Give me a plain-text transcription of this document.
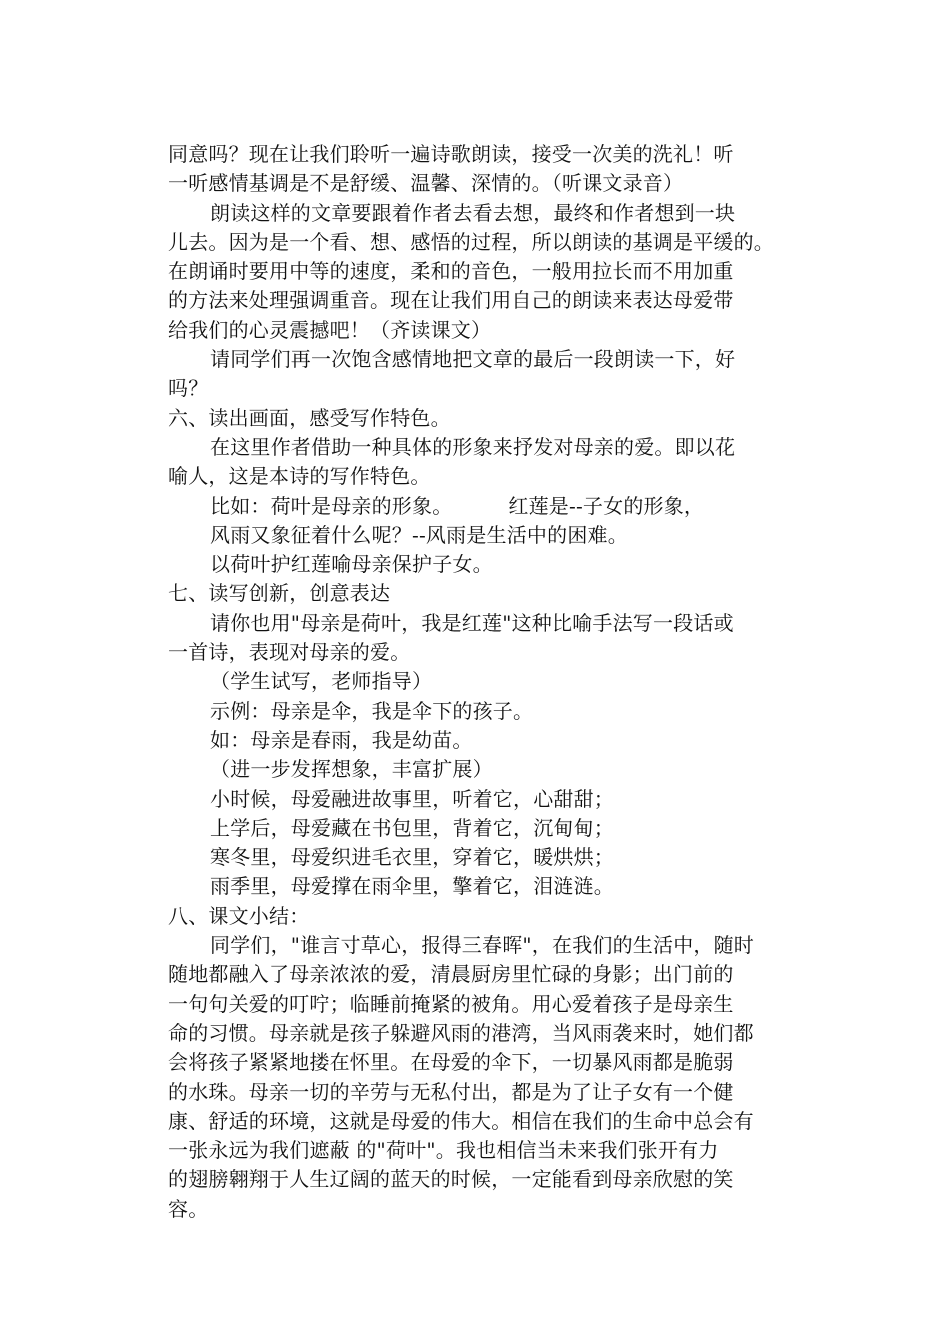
同意吗？现在让我们聆听一遍诗歌朗读，接受一次美的洗礼！听
一听感情基调是不是舒缓、温馨、深情的。（听课文录音）
朗读这样的文章要跟着作者去看去想，最终和作者想到一块
儿去。因为是一个看、想、感悟的过程，所以朗读的基调是平缓的。
在朗诵时要用中等的速度，柔和的音色，一般用拉长而不用加重
的方法来处理强调重音。现在让我们用自己的朗读来表达母爱带
给我们的心灵震撼吧！（齐读课文）
请同学们再一次饱含感情地把文章的最后一段朗读一下，好
吗？
六、读出画面，感受写作特色。
在这里作者借助一种具体的形象来抒发对母亲的爱。即以花
喻人，这是本诗的写作特色。
比如：荷叶是母亲的形象。	红莲是--子女的形象，
风雨又象征着什么呢？--风雨是生活中的困难。
以荷叶护红莲喻母亲保护子女。
七、读写创新，创意表达
请你也用"母亲是荷叶，我是红莲"这种比喻手法写一段话或
一首诗，表现对母亲的爱。
（学生试写，老师指导）
示例：母亲是伞，我是伞下的孩子。
如：母亲是春雨，我是幼苗。
（进一步发挥想象，丰富扩展）
小时候，母爱融进故事里，听着它，心甜甜；
上学后，母爱藏在书包里，背着它，沉甸甸；
寒冬里，母爱织进毛衣里，穿着它，暖烘烘；
雨季里，母爱撑在雨伞里，擎着它，泪涟涟。
八、课文小结：
同学们，"谁言寸草心，报得三春晖"，在我们的生活中，随时
随地都融入了母亲浓浓的爱，清晨厨房里忙碌的身影；出门前的
一句句关爱的叮咛；临睡前掩紧的被角。用心爱着孩子是母亲生
命的习惯。母亲就是孩子躲避风雨的港湾，当风雨袭来时，她们都
会将孩子紧紧地搂在怀里。在母爱的伞下，一切暴风雨都是脆弱
的水珠。母亲一切的辛劳与无私付出，都是为了让子女有一个健
康、舒适的环境，这就是母爱的伟大。相信在我们的生命中总会有
一张永远为我们遮蔽 的"荷叶"。我也相信当未来我们张开有力
的翅膀翱翔于人生辽阔的蓝天的时候，一定能看到母亲欣慰的笑
容。
